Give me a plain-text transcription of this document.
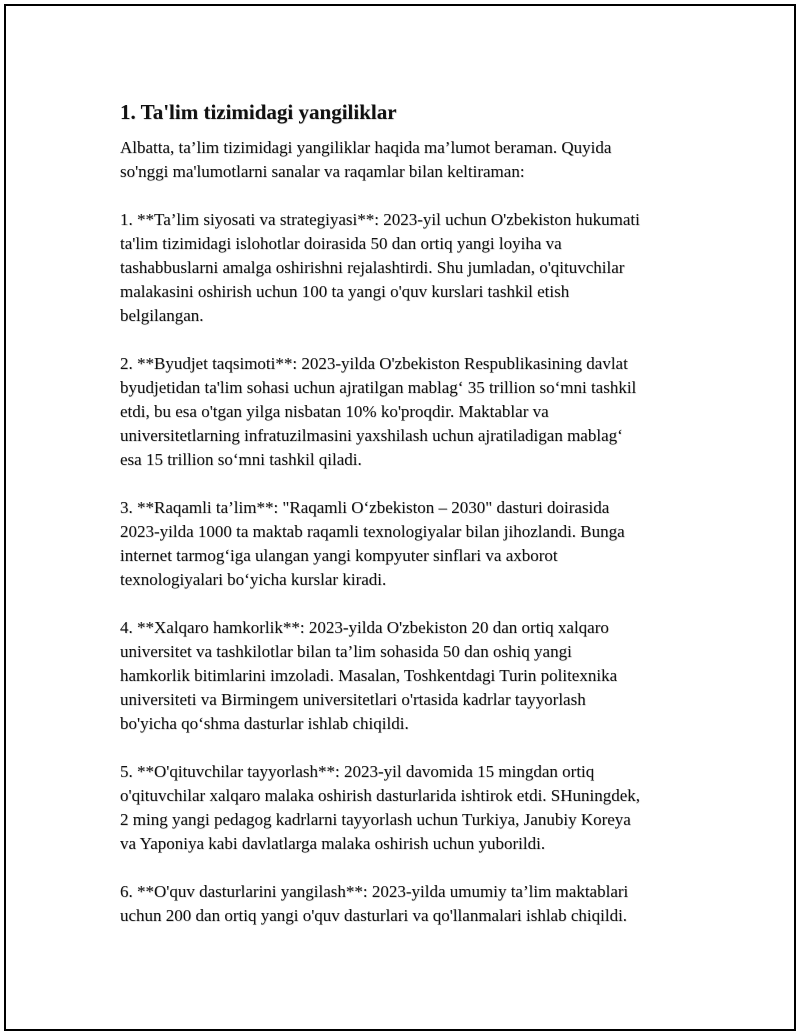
1. Ta'lim tizimidagi yangiliklar
Albatta, ta’lim tizimidagi yangiliklar haqida ma’lumot beraman. Quyida
so'nggi ma'lumotlarni sanalar va raqamlar bilan keltiraman:
1. **Ta’lim siyosati va strategiyasi**: 2023-yil uchun O'zbekiston hukumati
ta'lim tizimidagi islohotlar doirasida 50 dan ortiq yangi loyiha va
tashabbuslarni amalga oshirishni rejalashtirdi. Shu jumladan, o'qituvchilar
malakasini oshirish uchun 100 ta yangi o'quv kurslari tashkil etish
belgilangan.
2. **Byudjet taqsimoti**: 2023-yilda O'zbekiston Respublikasining davlat
byudjetidan ta'lim sohasi uchun ajratilgan mablag‘ 35 trillion so‘mni tashkil
etdi, bu esa o'tgan yilga nisbatan 10% ko'proqdir. Maktablar va
universitetlarning infratuzilmasini yaxshilash uchun ajratiladigan mablag‘
esa 15 trillion so‘mni tashkil qiladi.
3. **Raqamli ta’lim**: "Raqamli O‘zbekiston – 2030" dasturi doirasida
2023-yilda 1000 ta maktab raqamli texnologiyalar bilan jihozlandi. Bunga
internet tarmog‘iga ulangan yangi kompyuter sinflari va axborot
texnologiyalari bo‘yicha kurslar kiradi.
4. **Xalqaro hamkorlik**: 2023-yilda O'zbekiston 20 dan ortiq xalqaro
universitet va tashkilotlar bilan ta’lim sohasida 50 dan oshiq yangi
hamkorlik bitimlarini imzoladi. Masalan, Toshkentdagi Turin politexnika
universiteti va Birmingem universitetlari o'rtasida kadrlar tayyorlash
bo'yicha qo‘shma dasturlar ishlab chiqildi.
5. **O'qituvchilar tayyorlash**: 2023-yil davomida 15 mingdan ortiq
o'qituvchilar xalqaro malaka oshirish dasturlarida ishtirok etdi. SHuningdek,
2 ming yangi pedagog kadrlarni tayyorlash uchun Turkiya, Janubiy Koreya
va Yaponiya kabi davlatlarga malaka oshirish uchun yuborildi.
6. **O'quv dasturlarini yangilash**: 2023-yilda umumiy ta’lim maktablari
uchun 200 dan ortiq yangi o'quv dasturlari va qo'llanmalari ishlab chiqildi.
